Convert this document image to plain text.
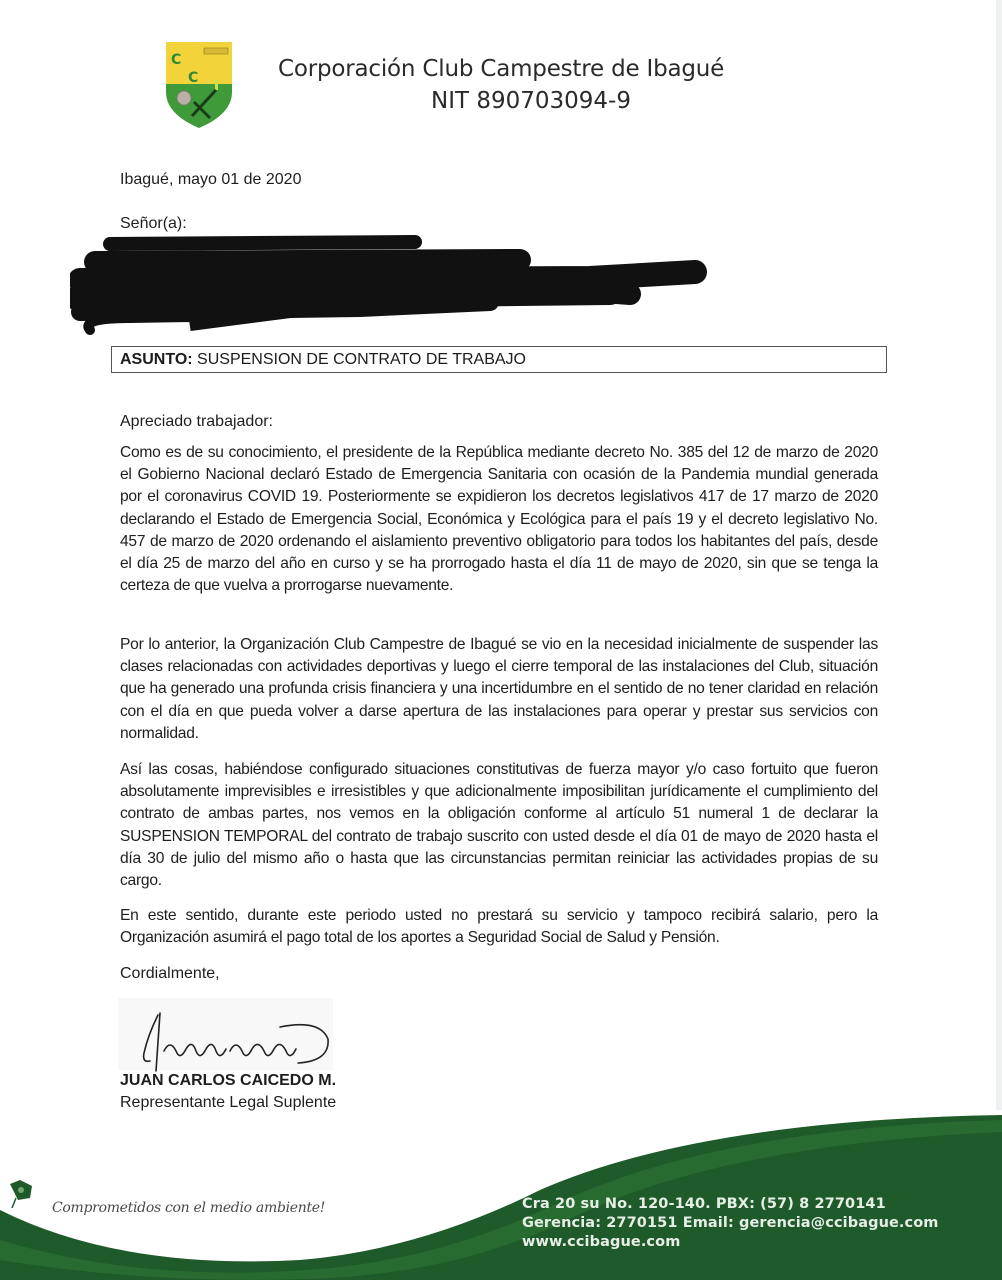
C
C	Corporación Club Campestre de Ibagué
NIT 890703094-9
Ibagué, mayo 01 de 2020
Señor(a):
ASUNTO: SUSPENSION DE CONTRATO DE TRABAJO
Apreciado trabajador:

Como es de su conocimiento, el presidente de la República mediante decreto No. 385 del 12 de marzo de 2020 el Gobierno Nacional declaró Estado de Emergencia Sanitaria con ocasión de la Pandemia mundial generada por el coronavirus COVID 19. Posteriormente se expidieron los decretos legislativos 417 de 17 marzo de 2020 declarando el Estado de Emergencia Social, Económica y Ecológica para el país 19 y el decreto legislativo No. 457 de marzo de 2020 ordenando el aislamiento preventivo obligatorio para todos los habitantes del país, desde el día 25 de marzo del año en curso y se ha prorrogado hasta el día 11 de mayo de 2020, sin que se tenga la certeza de que vuelva a prorrogarse nuevamente.

Por lo anterior, la Organización Club Campestre de Ibagué se vio en la necesidad inicialmente de suspender las clases relacionadas con actividades deportivas y luego el cierre temporal de las instalaciones del Club, situación que ha generado una profunda crisis financiera y una incertidumbre en el sentido de no tener claridad en relación con el día en que pueda volver a darse apertura de las instalaciones para operar y prestar sus servicios con normalidad.

Así las cosas, habiéndose configurado situaciones constitutivas de fuerza mayor y/o caso fortuito que fueron absolutamente imprevisibles e irresistibles y que adicionalmente imposibilitan jurídicamente el cumplimiento del contrato de ambas partes, nos vemos en la obligación conforme al artículo 51 numeral 1 de declarar la SUSPENSION TEMPORAL del contrato de trabajo suscrito con usted desde el día 01 de mayo de 2020 hasta el día 30 de julio del mismo año o hasta que las circunstancias permitan reiniciar las actividades propias de su cargo.

En este sentido, durante este periodo usted no prestará su servicio y tampoco recibirá salario, pero la Organización asumirá el pago total de los aportes a Seguridad Social de Salud y Pensión.

Cordialmente,
JUAN CARLOS CAICEDO M.
Representante Legal Suplente
Comprometidos con el medio ambiente!	Cra 20 su No. 120-140. PBX: (57) 8 2770141
Gerencia: 2770151 Email: gerencia@ccibague.com
www.ccibague.com
